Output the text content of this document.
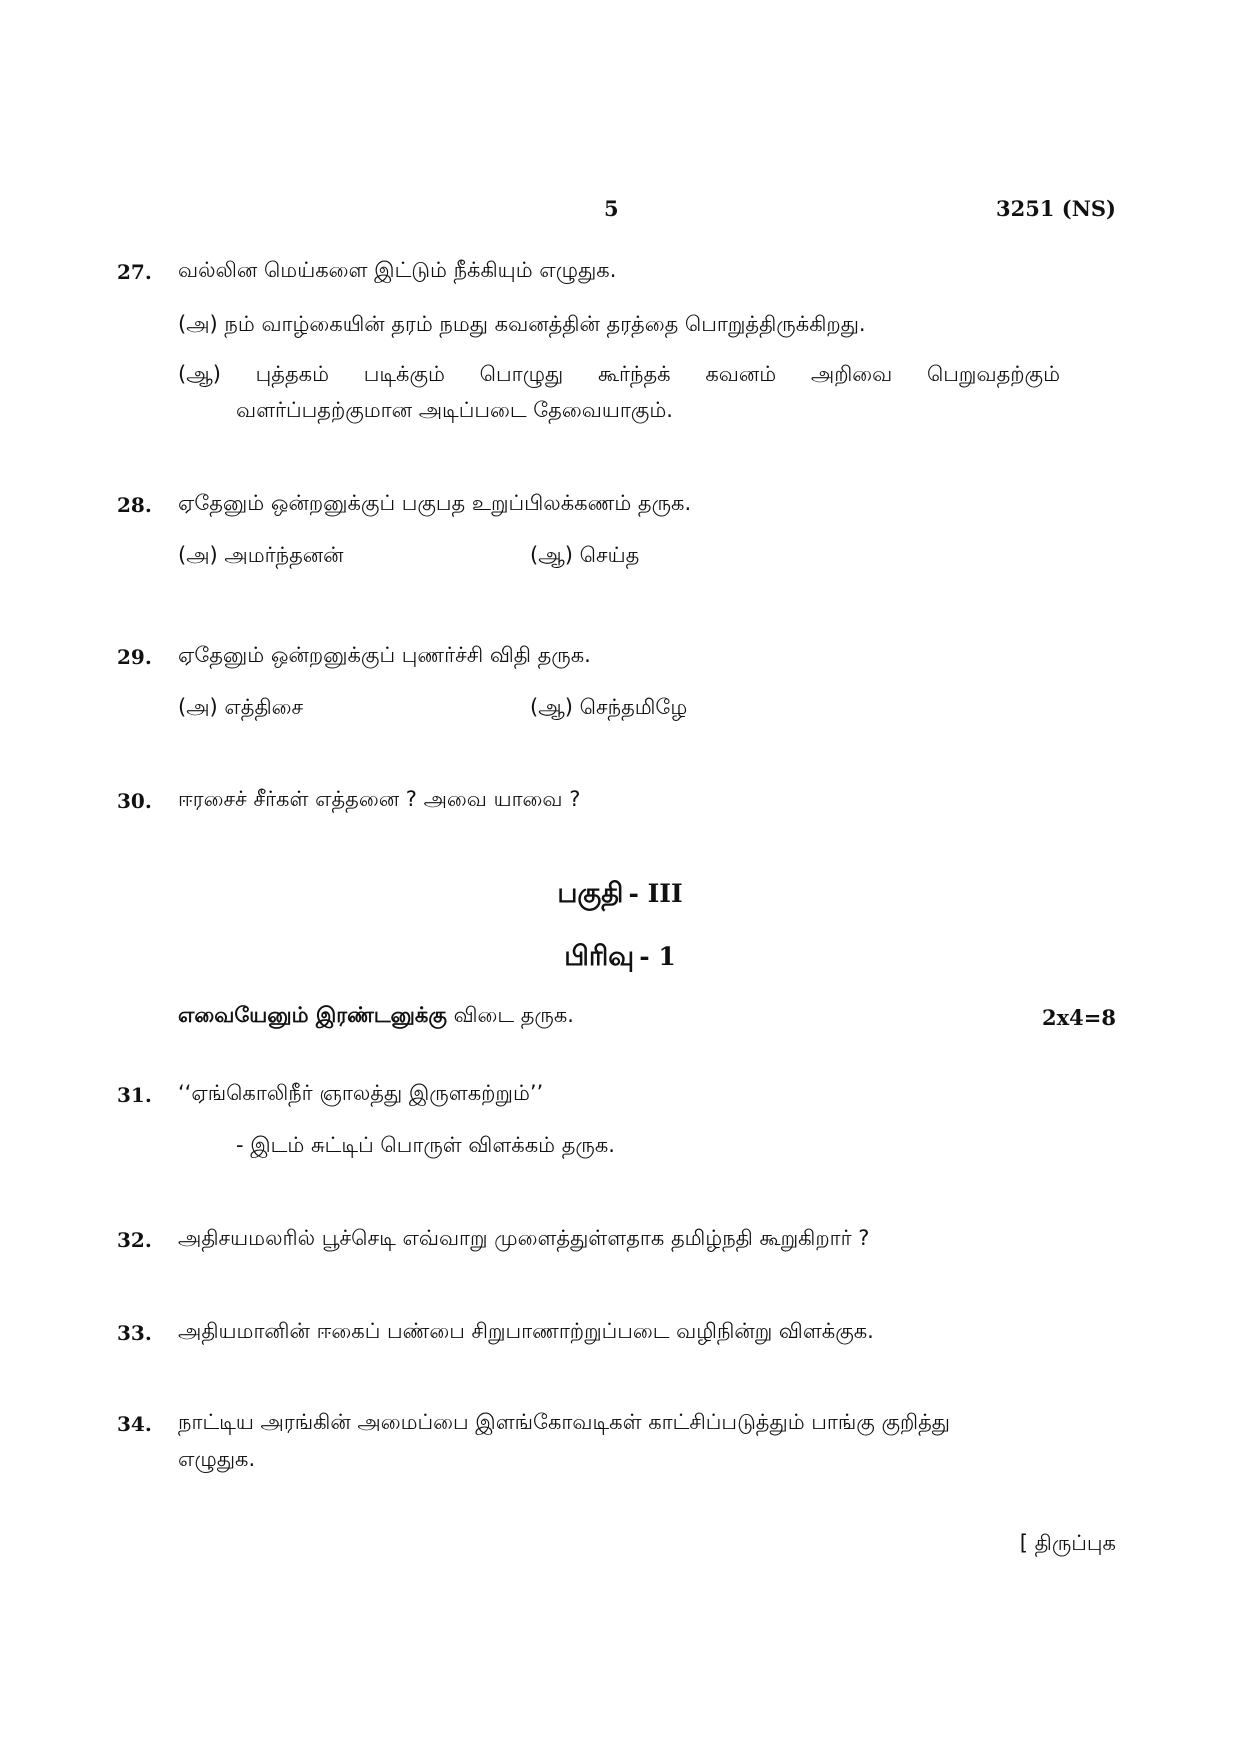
5	3251 (NS)
27. வல்லின மெய்களை இட்டும் நீக்கியும் எழுதுக.
(அ) நம் வாழ்கையின் தரம் நமது கவனத்தின் தரத்தை பொறுத்திருக்கிறது.
(ஆ) புத்தகம் படிக்கும் பொழுது கூர்ந்தக் கவனம் அறிவை பெறுவதற்கும்
வளர்ப்பதற்குமான அடிப்படை தேவையாகும்.
28. ஏதேனும் ஒன்றனுக்குப் பகுபத உறுப்பிலக்கணம் தருக.
(அ) அமர்ந்தனன்	(ஆ) செய்த
29. ஏதேனும் ஒன்றனுக்குப் புணர்ச்சி விதி தருக.
(அ) எத்திசை	(ஆ) செந்தமிழே
30. ஈரசைச் சீர்கள் எத்தனை ? அவை யாவை ?
பகுதி - III
பிரிவு - 1
எவையேனும் இரண்டனுக்கு விடை தருக.	2x4=8
31. ‘‘ஏங்கொலிநீர் ஞாலத்து இருளகற்றும்’’
- இடம் சுட்டிப் பொருள் விளக்கம் தருக.
32. அதிசயமலரில் பூச்செடி எவ்வாறு முளைத்துள்ளதாக தமிழ்நதி கூறுகிறார் ?
33. அதியமானின் ஈகைப் பண்பை சிறுபாணாற்றுப்படை வழிநின்று விளக்குக.
34. நாட்டிய அரங்கின் அமைப்பை இளங்கோவடிகள் காட்சிப்படுத்தும் பாங்கு குறித்து
எழுதுக.
[ திருப்புக
